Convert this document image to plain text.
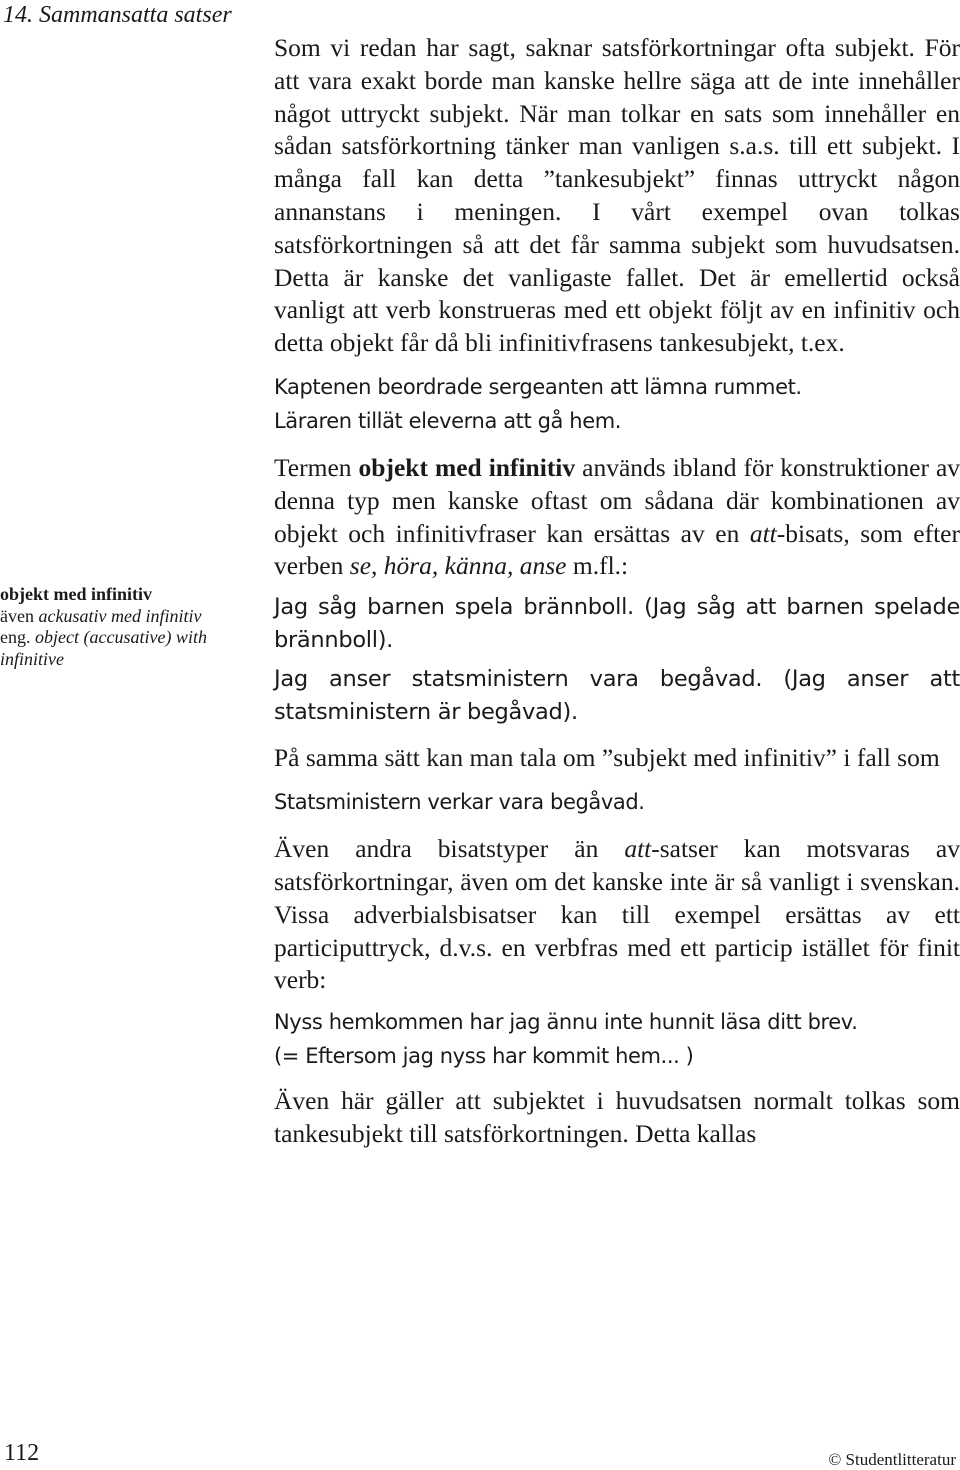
14. Sammansatta satser
objekt med infinitiv
även ackusativ med infinitiv
eng. object (accusative) with infinitive

Som vi redan har sagt, saknar satsförkortningar ofta subjekt. För att vara exakt borde man kanske hellre säga att de inte innehåller något uttryckt subjekt. När man tolkar en sats som innehåller en sådan satsförkortning tänker man vanligen s.a.s. till ett subjekt. I många fall kan detta ”tankesubjekt” finnas uttryckt någon annanstans i meningen. I vårt exempel ovan tolkas satsförkortningen så att det får samma subjekt som huvudsatsen. Detta är kanske det vanligaste fallet. Det är emellertid också vanligt att verb konstrueras med ett objekt följt av en infinitiv och detta objekt får då bli infinitivfrasens tankesubjekt, t.ex.

Kaptenen beordrade sergeanten att lämna rummet.

Läraren tillät eleverna att gå hem.

Termen objekt med infinitiv används ibland för konstruktioner av denna typ men kanske oftast om sådana där kombinationen av objekt och infinitivfraser kan ersättas av en att-bisats, som efter verben se, höra, känna, anse m.fl.:

Jag såg barnen spela brännboll. (Jag såg att barnen spelade brännboll).

Jag anser statsministern vara begåvad. (Jag anser att statsministern är begåvad).

På samma sätt kan man tala om ”subjekt med infinitiv” i fall som

Statsministern verkar vara begåvad.

Även andra bisatstyper än att-satser kan motsvaras av satsförkortningar, även om det kanske inte är så vanligt i svenskan. Vissa adverbialsbisatser kan till exempel ersättas av ett participuttryck, d.v.s. en verbfras med ett particip istället för finit verb:

Nyss hemkommen har jag ännu inte hunnit läsa ditt brev.

(= Eftersom jag nyss har kommit hem... )

Även här gäller att subjektet i huvudsatsen normalt tolkas som tankesubjekt till satsförkortningen. Detta kallas

112	© Studentlitteratur
